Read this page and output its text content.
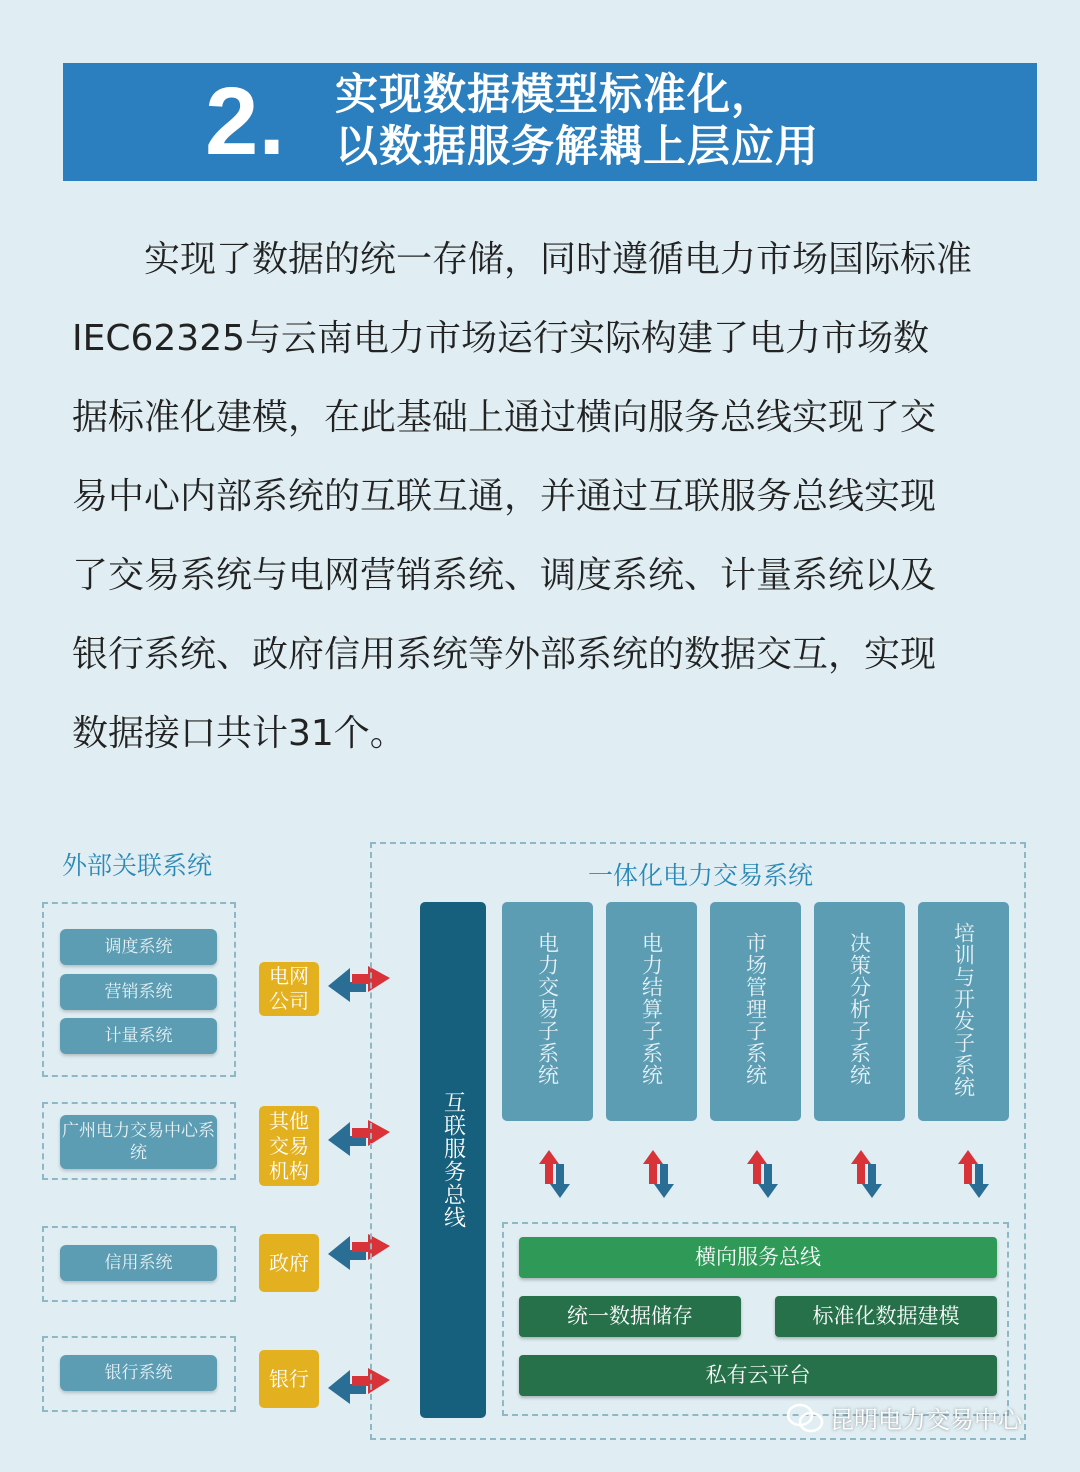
2.	实现数据模型标准化，
以数据服务解耦上层应用
　　实现了数据的统一存储，同时遵循电力市场国际标准
IEC62325与云南电力市场运行实际构建了电力市场数
据标准化建模，在此基础上通过横向服务总线实现了交
易中心内部系统的互联互通，并通过互联服务总线实现
了交易系统与电网营销系统、调度系统、计量系统以及
银行系统、政府信用系统等外部系统的数据交互，实现
数据接口共计31个。
外部关联系统
调度系统
营销系统
计量系统
电网公司
广州电力交易中心系统
其他交易机构
信用系统	政府
银行系统	银行
一体化电力交易系统
互联服务总线
电力交易子系统	电力结算子系统	市场管理子系统	决策分析子系统	培训与开发子系统
横向服务总线
统一数据储存	标准化数据建模
私有云平台
昆明电力交易中心
